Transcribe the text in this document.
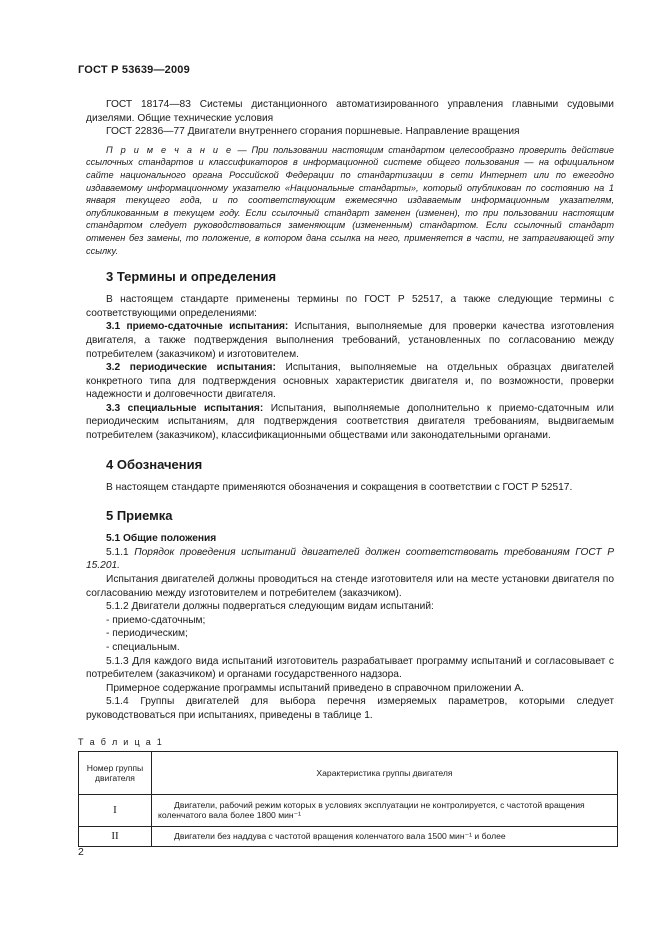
ГОСТ Р 53639—2009

ГОСТ 18174—83 Системы дистанционного автоматизированного управления главными судовыми дизелями. Общие технические условия

ГОСТ 22836—77 Двигатели внутреннего сгорания поршневые. Направление вращения

П р и м е ч а н и е — При пользовании настоящим стандартом целесообразно проверить действие ссылочных стандартов и классификаторов в информационной системе общего пользования — на официальном сайте национального органа Российской Федерации по стандартизации в сети Интернет или по ежегодно издаваемому информационному указателю «Национальные стандарты», который опубликован по состоянию на 1 января текущего года, и по соответствующим ежемесячно издаваемым информационным указателям, опубликованным в текущем году. Если ссылочный стандарт заменен (изменен), то при пользовании настоящим стандартом следует руководствоваться заменяющим (измененным) стандартом. Если ссылочный стандарт отменен без замены, то положение, в котором дана ссылка на него, применяется в части, не затрагивающей эту ссылку.

3 Термины и определения

В настоящем стандарте применены термины по ГОСТ Р 52517, а также следующие термины с соответствующими определениями:

3.1 приемо-сдаточные испытания: Испытания, выполняемые для проверки качества изготовления двигателя, а также подтверждения выполнения требований, установленных по согласованию между потребителем (заказчиком) и изготовителем.

3.2 периодические испытания: Испытания, выполняемые на отдельных образцах двигателей конкретного типа для подтверждения основных характеристик двигателя и, по возможности, проверки надежности и долговечности двигателя.

3.3 специальные испытания: Испытания, выполняемые дополнительно к приемо-сдаточным или периодическим испытаниям, для подтверждения соответствия двигателя требованиям, выдвигаемым потребителем (заказчиком), классификационными обществами или законодательными органами.

4 Обозначения

В настоящем стандарте применяются обозначения и сокращения в соответствии с ГОСТ Р 52517.

5 Приемка
5.1 Общие положения

5.1.1 Порядок проведения испытаний двигателей должен соответствовать требованиям ГОСТ Р 15.201.

Испытания двигателей должны проводиться на стенде изготовителя или на месте установки двигателя по согласованию между изготовителем и потребителем (заказчиком).

5.1.2 Двигатели должны подвергаться следующим видам испытаний:

- приемо-сдаточным;

- периодическим;

- специальным.

5.1.3 Для каждого вида испытаний изготовитель разрабатывает программу испытаний и согласовывает с потребителем (заказчиком) и органами государственного надзора.

Примерное содержание программы испытаний приведено в справочном приложении А.

5.1.4 Группы двигателей для выбора перечня измеряемых параметров, которыми следует руководствоваться при испытаниях, приведены в таблице 1.

Т а б л и ц а 1
Номер группы двигателя	Характеристика группы двигателя
I	Двигатели, рабочий режим которых в условиях эксплуатации не контролируется, с частотой вращения коленчатого вала более 1800 мин⁻¹
II	Двигатели без наддува с частотой вращения коленчатого вала 1500 мин⁻¹ и более
2
